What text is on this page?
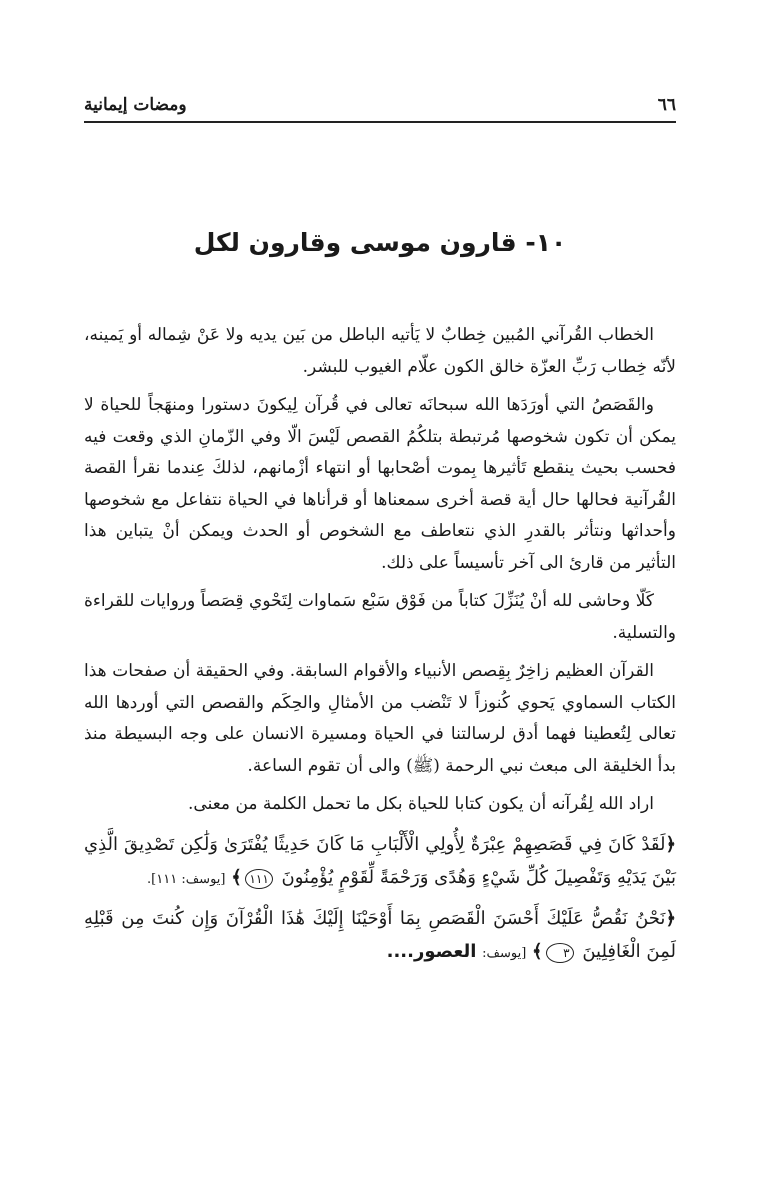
٦٦
ومضات إيمانية
١٠- قارون موسى وقارون لكل

الخطاب القُرآني المُبين خِطابٌ لا يَأتيه الباطل من بَين يديه ولا عَنْ شِماله أو يَمينه، لأنّه خِطاب رَبِّ العزّة خالق الكون علّام الغيوب للبشر.

والقَصَصُ التي أورَدَها الله سبحانَه تعالى في قُرآن لِيكونَ دستورا ومنهَجاً للحياة لا يمكن أن تكون شخوصها مُرتبطة بتلكُمُ القصص لَيْسَ الّا وفي الزّمانِ الذي وقعت فيه فحسب بحيث ينقطع تَأثيرها بِموت أصْحابها أو انتهاء أزْمانهم، لذلكَ عِندما نقرأ القصة القُرآنية فحالها حال أية قصة أخرى سمعناها أو قرأناها في الحياة نتفاعل مع شخوصها وأحداثها ونتأثر بالقدرِ الذي نتعاطف مع الشخوص أو الحدث ويمكن أنْ يتباين هذا التأثير من قارئ الى آخر تأسيساً على ذلك.

كَلّا وحاشى لله أنْ يُنَزِّلَ كتاباً من فَوْق سَبْع سَماوات لِتَحْوي قِصَصاً وروايات للقراءة والتسلية.

القرآن العظيم زاخِرٌ بِقِصص الأنبياء والأقوام السابقة. وفي الحقيقة أن صفحات هذا الكتاب السماوي يَحوي كُنوزاً لا تَنْضب من الأمثالِ والحِكَم والقصص التي أوردها الله تعالى لِتُعطينا فهما أدق لرسالتنا في الحياة ومسيرة الانسان على وجه البسيطة منذ بدأ الخليقة الى مبعث نبي الرحمة (ﷺ) والى أن تقوم الساعة.

اراد الله لِقُرآنه أن يكون كتابا للحياة بكل ما تحمل الكلمة من معنى.

﴿لَقَدْ كَانَ فِي قَصَصِهِمْ عِبْرَةٌ لِأُولِي الْأَلْبَابِ مَا كَانَ حَدِيثًا يُفْتَرَىٰ وَلَٰكِن تَصْدِيقَ الَّذِي بَيْنَ يَدَيْهِ وَتَفْصِيلَ كُلِّ شَيْءٍ وَهُدًى وَرَحْمَةً لِّقَوْمٍ يُؤْمِنُونَ ١١١﴾ [يوسف: ١١١].
﴿نَحْنُ نَقُصُّ عَلَيْكَ أَحْسَنَ الْقَصَصِ بِمَا أَوْحَيْنَا إِلَيْكَ هَٰذَا الْقُرْآنَ وَإِن كُنتَ مِن قَبْلِهِ لَمِنَ الْغَافِلِينَ ٣﴾ [يوسف: العصور....
